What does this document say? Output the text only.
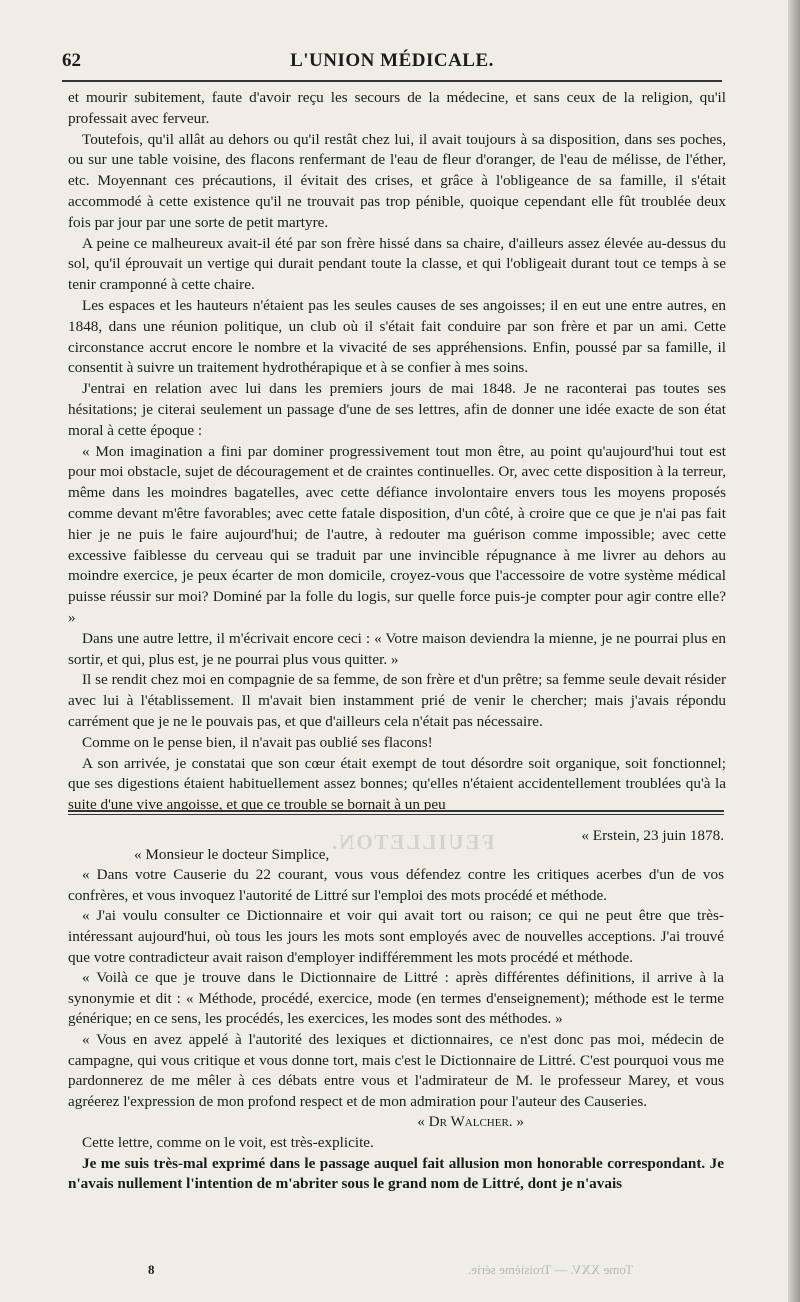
62	L'UNION MÉDICALE.

et mourir subitement, faute d'avoir reçu les secours de la médecine, et sans ceux de la religion, qu'il professait avec ferveur.

Toutefois, qu'il allât au dehors ou qu'il restât chez lui, il avait toujours à sa disposition, dans ses poches, ou sur une table voisine, des flacons renfermant de l'eau de fleur d'oranger, de l'eau de mélisse, de l'éther, etc. Moyennant ces précautions, il évitait des crises, et grâce à l'obligeance de sa famille, il s'était accommodé à cette existence qu'il ne trouvait pas trop pénible, quoique cependant elle fût troublée deux fois par jour par une sorte de petit martyre.

A peine ce malheureux avait-il été par son frère hissé dans sa chaire, d'ailleurs assez élevée au-dessus du sol, qu'il éprouvait un vertige qui durait pendant toute la classe, et qui l'obligeait durant tout ce temps à se tenir cramponné à cette chaire.

Les espaces et les hauteurs n'étaient pas les seules causes de ses angoisses; il en eut une entre autres, en 1848, dans une réunion politique, un club où il s'était fait conduire par son frère et par un ami. Cette circonstance accrut encore le nombre et la vivacité de ses appréhensions. Enfin, poussé par sa famille, il consentit à suivre un traitement hydrothérapique et à se confier à mes soins.

J'entrai en relation avec lui dans les premiers jours de mai 1848. Je ne raconterai pas toutes ses hésitations; je citerai seulement un passage d'une de ses lettres, afin de donner une idée exacte de son état moral à cette époque :

« Mon imagination a fini par dominer progressivement tout mon être, au point qu'aujourd'hui tout est pour moi obstacle, sujet de découragement et de craintes continuelles. Or, avec cette disposition à la terreur, même dans les moindres bagatelles, avec cette défiance involontaire envers tous les moyens proposés comme devant m'être favorables; avec cette fatale disposition, d'un côté, à croire que ce que je n'ai pas fait hier je ne puis le faire aujourd'hui; de l'autre, à redouter ma guérison comme impossible; avec cette excessive faiblesse du cerveau qui se traduit par une invincible répugnance à me livrer au dehors au moindre exercice, je peux écarter de mon domicile, croyez-vous que l'accessoire de votre système médical puisse réussir sur moi? Dominé par la folle du logis, sur quelle force puis-je compter pour agir contre elle? »

Dans une autre lettre, il m'écrivait encore ceci : « Votre maison deviendra la mienne, je ne pourrai plus en sortir, et qui, plus est, je ne pourrai plus vous quitter. »

Il se rendit chez moi en compagnie de sa femme, de son frère et d'un prêtre; sa femme seule devait résider avec lui à l'établissement. Il m'avait bien instamment prié de venir le chercher; mais j'avais répondu carrément que je ne le pouvais pas, et que d'ailleurs cela n'était pas nécessaire.

Comme on le pense bien, il n'avait pas oublié ses flacons!

A son arrivée, je constatai que son cœur était exempt de tout désordre soit organique, soit fonctionnel; que ses digestions étaient habituellement assez bonnes; qu'elles n'étaient accidentellement troublées qu'à la suite d'une vive angoisse, et que ce trouble se bornait à un peu

FEUILLETON.	« Erstein, 23 juin 1878.

« Monsieur le docteur Simplice,

« Dans votre Causerie du 22 courant, vous vous défendez contre les critiques acerbes d'un de vos confrères, et vous invoquez l'autorité de Littré sur l'emploi des mots procédé et méthode.

« J'ai voulu consulter ce Dictionnaire et voir qui avait tort ou raison; ce qui ne peut être que très-intéressant aujourd'hui, où tous les jours les mots sont employés avec de nouvelles acceptions. J'ai trouvé que votre contradicteur avait raison d'employer indifféremment les mots procédé et méthode.

« Voilà ce que je trouve dans le Dictionnaire de Littré : après différentes définitions, il arrive à la synonymie et dit : « Méthode, procédé, exercice, mode (en termes d'enseignement); méthode est le terme générique; en ce sens, les procédés, les exercices, les modes sont des méthodes. »

« Vous en avez appelé à l'autorité des lexiques et dictionnaires, ce n'est donc pas moi, médecin de campagne, qui vous critique et vous donne tort, mais c'est le Dictionnaire de Littré. C'est pourquoi vous me pardonnerez de me mêler à ces débats entre vous et l'admirateur de M. le professeur Marey, et vous agréerez l'expression de mon profond respect et de mon admiration pour l'auteur des Causeries.

« Dr Walcher. »

Cette lettre, comme on le voit, est très-explicite.

Je me suis très-mal exprimé dans le passage auquel fait allusion mon honorable correspondant. Je n'avais nullement l'intention de m'abriter sous le grand nom de Littré, dont je n'avais

8	Tome XXV. — Troisième série.
